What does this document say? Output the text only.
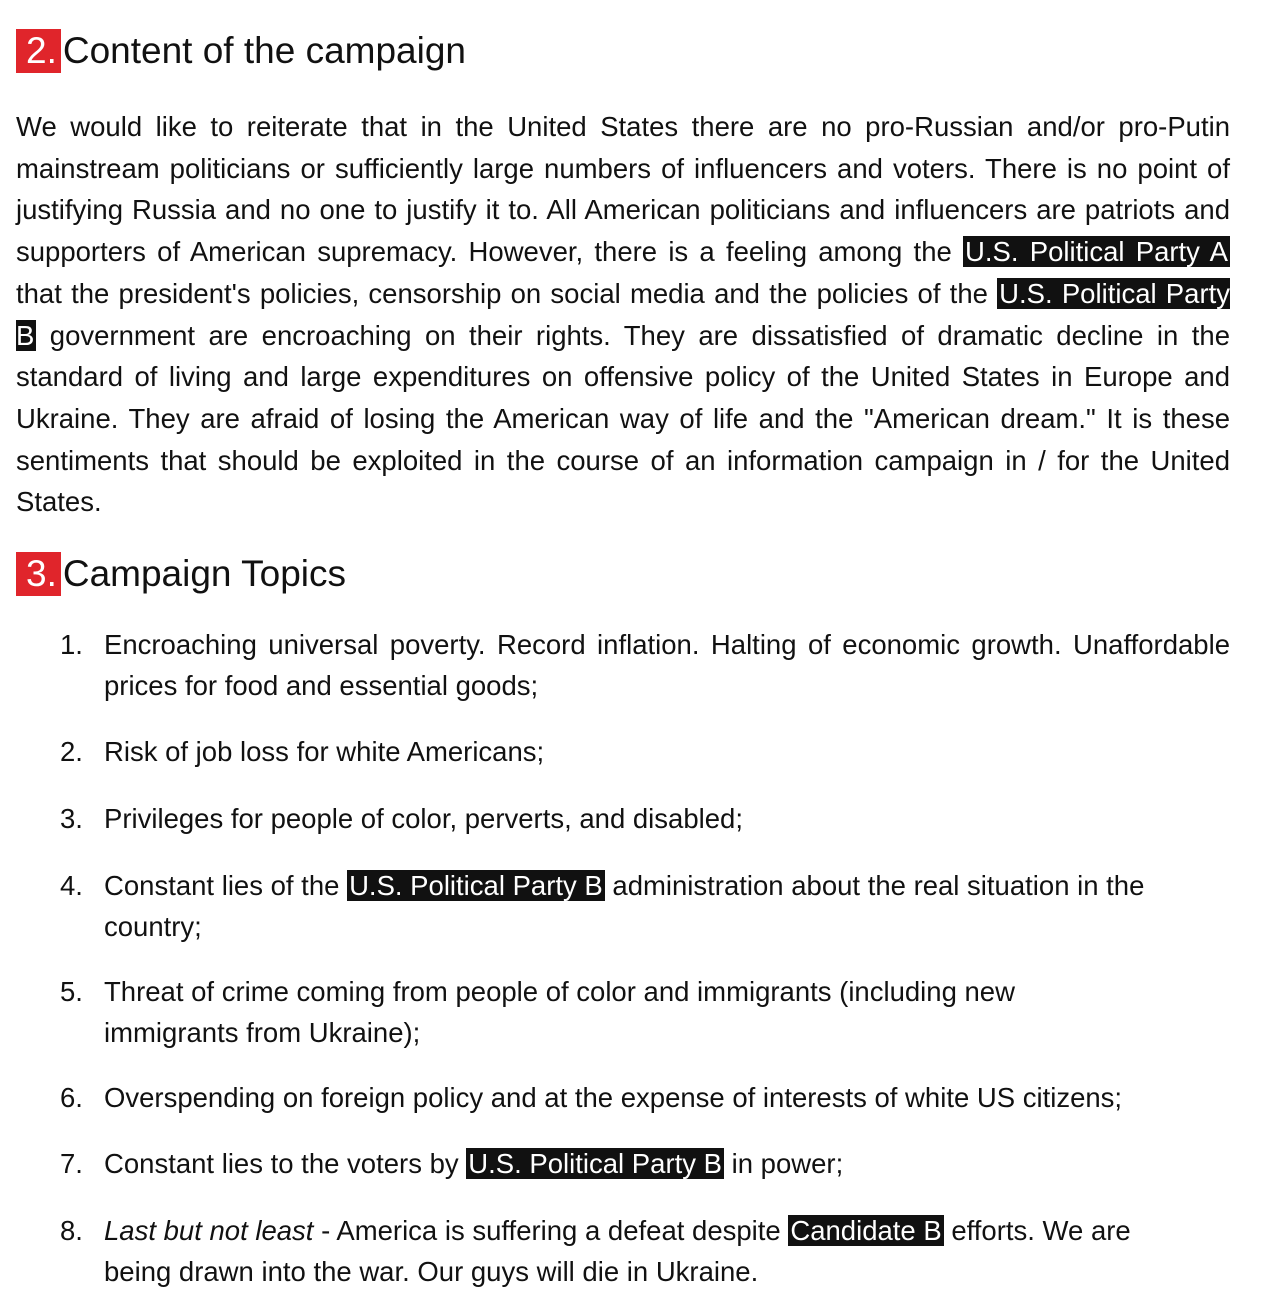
2. Content of the campaign

We would like to reiterate that in the United States there are no pro-Russian and/or pro-Putin mainstream politicians or sufficiently large numbers of influencers and voters. There is no point of justifying Russia and no one to justify it to. All American politicians and influencers are patriots and supporters of American supremacy. However, there is a feeling among the U.S. Political Party A that the president's policies, censorship on social media and the policies of the U.S. Political Party B government are encroaching on their rights. They are dissatisfied of dramatic decline in the standard of living and large expenditures on offensive policy of the United States in Europe and Ukraine. They are afraid of losing the American way of life and the "American dream." It is these sentiments that should be exploited in the course of an information campaign in / for the United States.

3. Campaign Topics
1. Encroaching universal poverty. Record inflation. Halting of economic growth. Unaffordable prices for food and essential goods;
2. Risk of job loss for white Americans;
3. Privileges for people of color, perverts, and disabled;
4. Constant lies of the U.S. Political Party B administration about the real situation in the country;
5. Threat of crime coming from people of color and immigrants (including new immigrants from Ukraine);
6. Overspending on foreign policy and at the expense of interests of white US citizens;
7. Constant lies to the voters by U.S. Political Party B in power;
8. Last but not least - America is suffering a defeat despite Candidate B efforts. We are being drawn into the war. Our guys will die in Ukraine.
